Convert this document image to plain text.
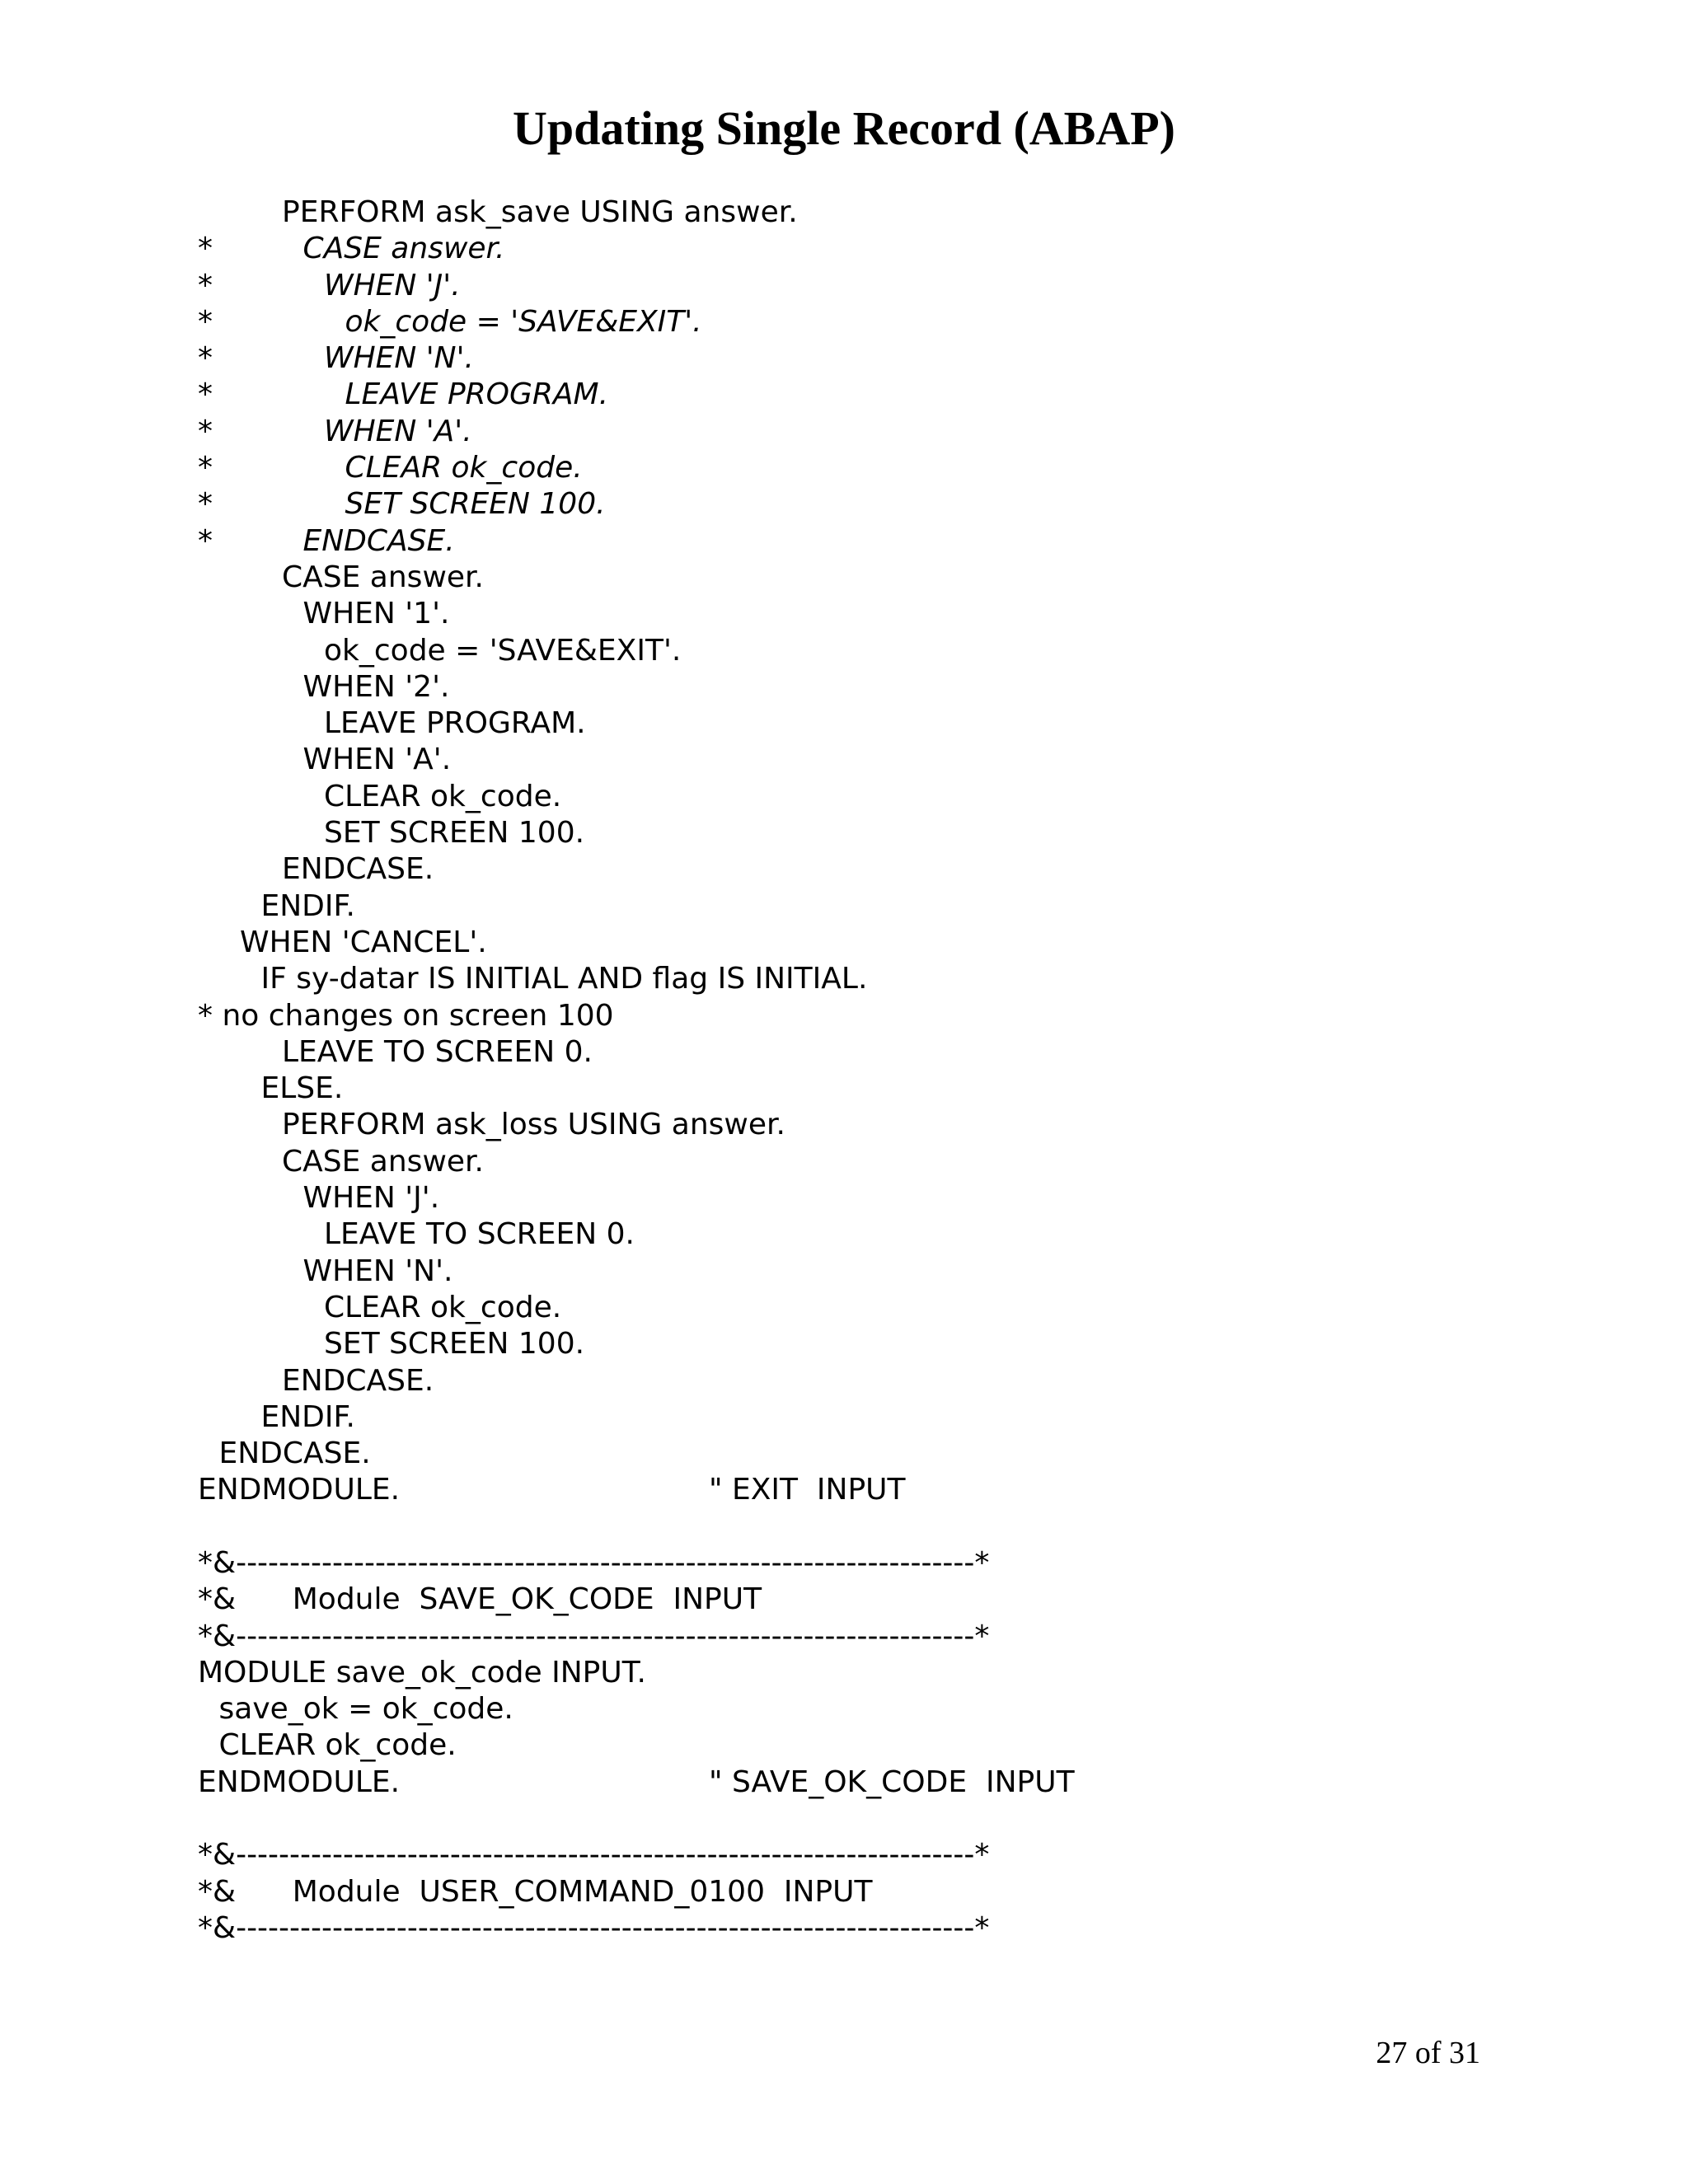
Updating Single Record (ABAP)
PERFORM ask_save USING answer.
*	CASE answer.
*	WHEN 'J'.
*	ok_code = 'SAVE&EXIT'.
*	WHEN 'N'.
*	LEAVE PROGRAM.
*	WHEN 'A'.
*	CLEAR ok_code.
*	SET SCREEN 100.
*	ENDCASE.
CASE answer.
WHEN '1'.
ok_code = 'SAVE&EXIT'.
WHEN '2'.
LEAVE PROGRAM.
WHEN 'A'.
CLEAR ok_code.
SET SCREEN 100.
ENDCASE.
ENDIF.
WHEN 'CANCEL'.
IF sy-datar IS INITIAL AND flag IS INITIAL.
* no changes on screen 100
LEAVE TO SCREEN 0.
ELSE.
PERFORM ask_loss USING answer.
CASE answer.
WHEN 'J'.
LEAVE TO SCREEN 0.
WHEN 'N'.
CLEAR ok_code.
SET SCREEN 100.
ENDCASE.
ENDIF.
ENDCASE.
ENDMODULE.	" EXIT  INPUT
*&---------------------------------------------------------------------*
*&      Module  SAVE_OK_CODE  INPUT
*&---------------------------------------------------------------------*
MODULE save_ok_code INPUT.
save_ok = ok_code.
CLEAR ok_code.
ENDMODULE.	" SAVE_OK_CODE  INPUT
*&---------------------------------------------------------------------*
*&      Module  USER_COMMAND_0100  INPUT
*&---------------------------------------------------------------------*
27 of 31
